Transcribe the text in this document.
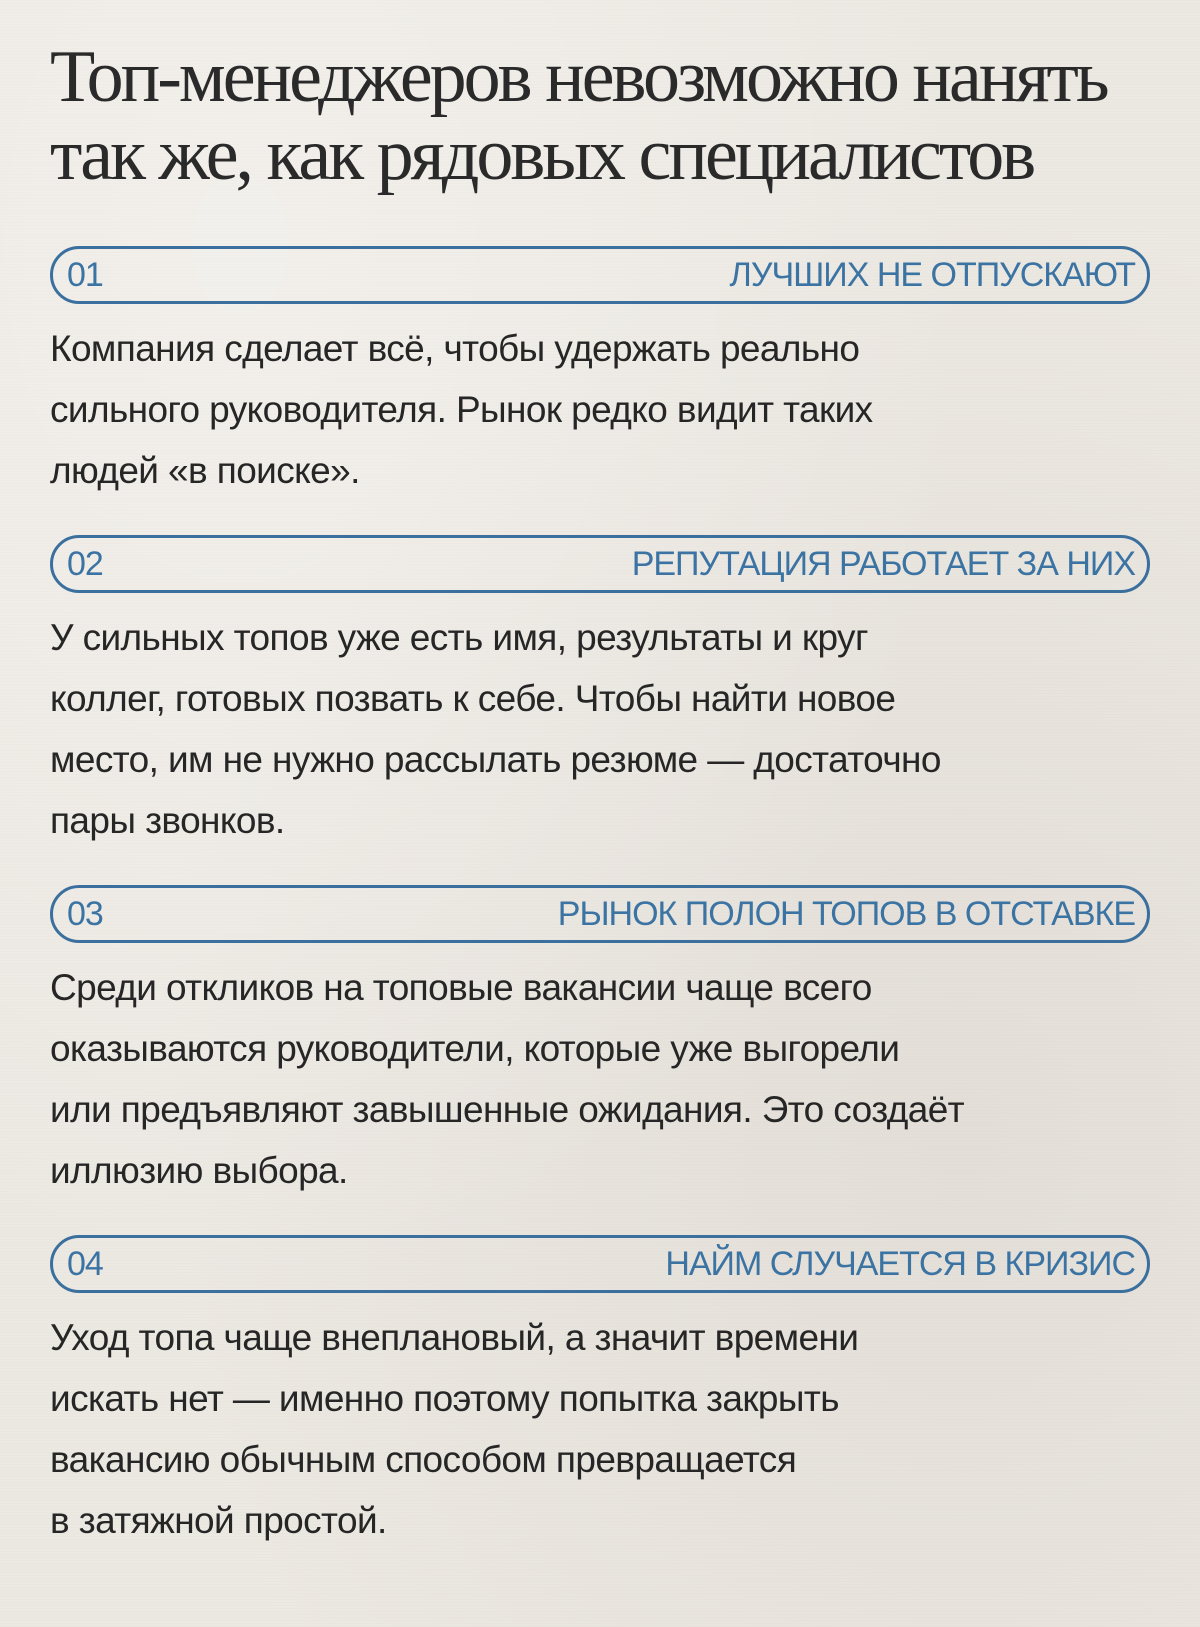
Топ-менеджеров невозможно нанять
так же, как рядовых специалистов
01	ЛУЧШИХ НЕ ОТПУСКАЮТ

Компания сделает всё, чтобы удержать реально
сильного руководителя. Рынок редко видит таких
людей «в поиске».

02	РЕПУТАЦИЯ РАБОТАЕТ ЗА НИХ

У сильных топов уже есть имя, результаты и круг
коллег, готовых позвать к себе. Чтобы найти новое
место, им не нужно рассылать резюме — достаточно
пары звонков.

03	РЫНОК ПОЛОН ТОПОВ В ОТСТАВКЕ

Среди откликов на топовые вакансии чаще всего
оказываются руководители, которые уже выгорели
или предъявляют завышенные ожидания. Это создаёт
иллюзию выбора.

04	НАЙМ СЛУЧАЕТСЯ В КРИЗИС

Уход топа чаще внеплановый, а значит времени
искать нет — именно поэтому попытка закрыть
вакансию обычным способом превращается
в затяжной простой.
